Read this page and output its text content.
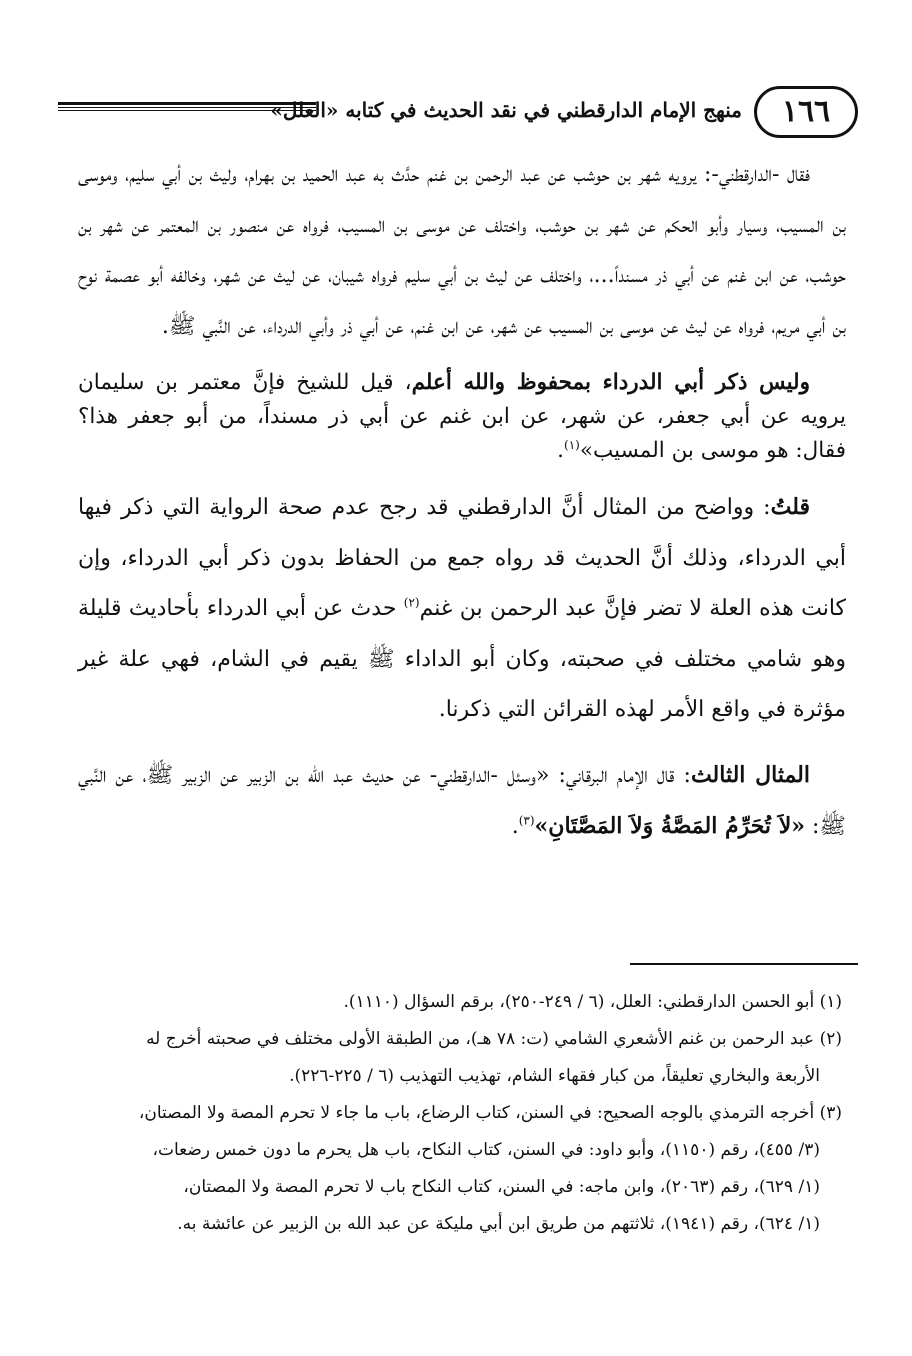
١٦٦
منهج الإمام الدارقطني في نقد الحديث في كتابه «العلل»

فقال -الدارقطني-: يرويه شهر بن حوشب عن عبد الرحمن بن غنم حدَّث به عبد الحميد بن بهرام، وليث بن أبي سليم، وموسى بن المسيب، وسيار وأبو الحكم عن شهر بن حوشب، واختلف عن موسى بن المسيب، فرواه عن منصور بن المعتمر عن شهر بن حوشب، عن ابن غنم عن أبي ذر مسنداً...، واختلف عن ليث بن أبي سليم فرواه شيبان، عن ليث عن شهر، وخالفه أبو عصمة نوح بن أبي مريم، فرواه عن ليث عن موسى بن المسيب عن شهر، عن ابن غنم، عن أبي ذر وأبي الدرداء، عن النَّبي ﷺ.

وليس ذكر أبي الدرداء بمحفوظ والله أعلم، قيل للشيخ فإنَّ معتمر بن سليمان يرويه عن أبي جعفر، عن شهر، عن ابن غنم عن أبي ذر مسنداً، من أبو جعفر هذا؟ فقال: هو موسى بن المسيب»$^{(١)}$.

قلتُ: وواضح من المثال أنَّ الدارقطني قد رجح عدم صحة الرواية التي ذكر فيها أبي الدرداء، وذلك أنَّ الحديث قد رواه جمع من الحفاظ بدون ذكر أبي الدرداء، وإن كانت هذه العلة لا تضر فإنَّ عبد الرحمن بن غنم$^{(٢)}$ حدث عن أبي الدرداء بأحاديث قليلة وهو شامي مختلف في صحبته، وكان أبو الداداء ﷺ يقيم في الشام، فهي علة غير مؤثرة في واقع الأمر لهذه القرائن التي ذكرنا.

المثال الثالث: قال الإمام البرقاني: «وسئل -الدارقطني- عن حديث عبد الله بن الزبير عن الزبير ﷺ، عن النَّبي ﷺ: «لاَ تُحَرِّمُ المَصَّةُ وَلاَ المَصَّتَانِ»$^{(٣)}$.

(١) أبو الحسن الدارقطني: العلل، (٦ / ٢٤٩-٢٥٠)، برقم السؤال (١١١٠).

(٢) عبد الرحمن بن غنم الأشعري الشامي (ت: ٧٨ هـ)، من الطبقة الأولى مختلف في صحبته أخرج له
الأربعة والبخاري تعليقاً، من كبار فقهاء الشام، تهذيب التهذيب (٦ / ٢٢٥-٢٢٦).

(٣) أخرجه الترمذي بالوجه الصحيح: في السنن، كتاب الرضاع، باب ما جاء لا تحرم المصة ولا المصتان،
(٣/ ٤٥٥)، رقم (١١٥٠)، وأبو داود: في السنن، كتاب النكاح، باب هل يحرم ما دون خمس رضعات،
(١/ ٦٢٩)، رقم (٢٠٦٣)، وابن ماجه: في السنن، كتاب النكاح باب لا تحرم المصة ولا المصتان،
(١/ ٦٢٤)، رقم (١٩٤١)، ثلاثتهم من طريق ابن أبي مليكة عن عبد الله بن الزبير عن عائشة به.
